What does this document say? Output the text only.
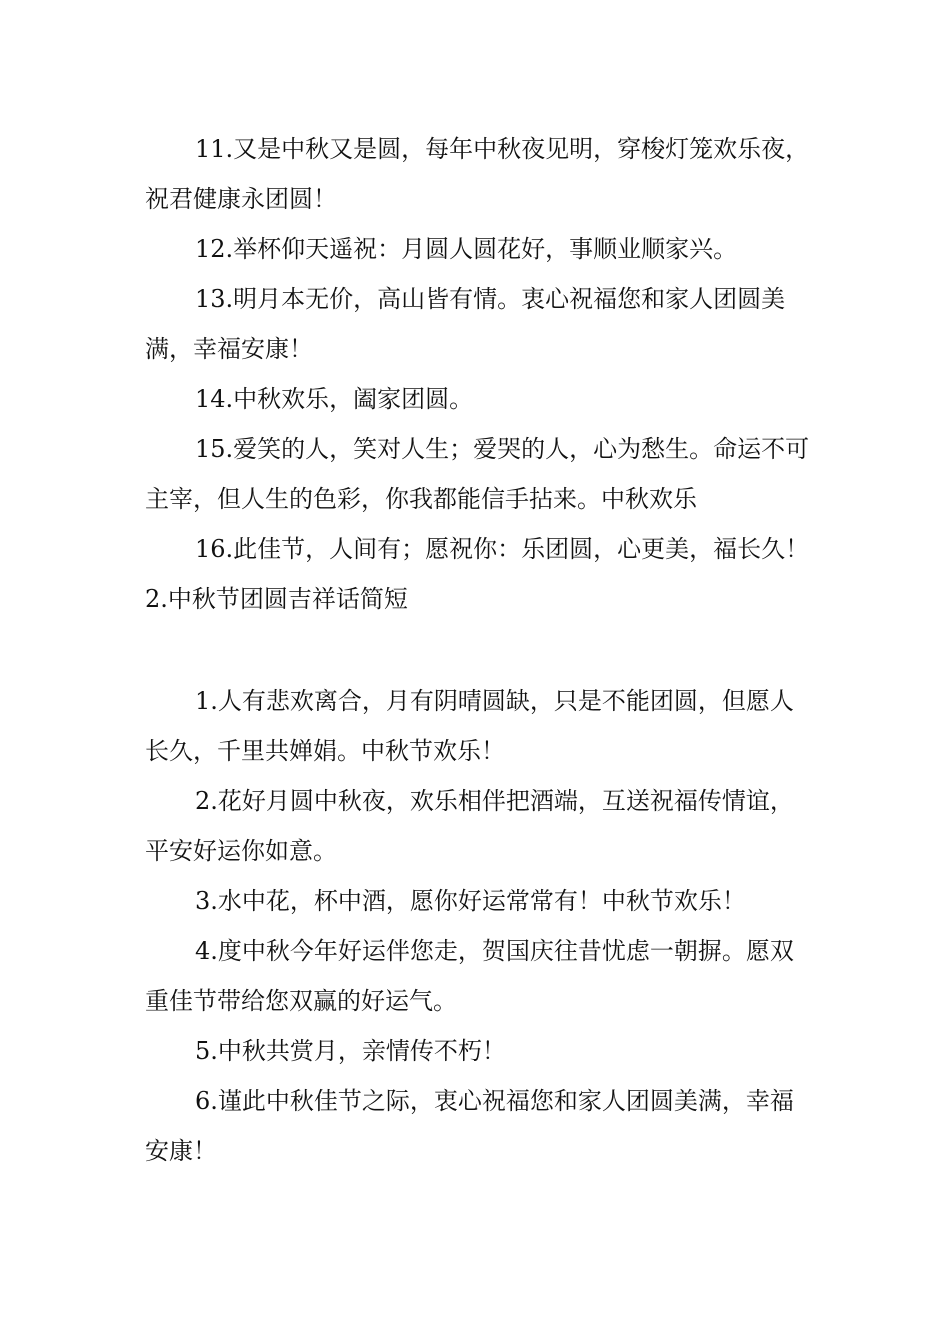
11.又是中秋又是圆，每年中秋夜见明，穿梭灯笼欢乐夜，祝君健康永团圆！

12.举杯仰天遥祝：月圆人圆花好，事顺业顺家兴。

13.明月本无价，高山皆有情。衷心祝福您和家人团圆美满，幸福安康！

14.中秋欢乐，阖家团圆。

15.爱笑的人，笑对人生；爱哭的人，心为愁生。命运不可主宰，但人生的色彩，你我都能信手拈来。中秋欢乐

16.此佳节，人间有；愿祝你：乐团圆，心更美，福长久！

2.中秋节团圆吉祥话简短

1.人有悲欢离合，月有阴晴圆缺，只是不能团圆，但愿人长久，千里共婵娟。中秋节欢乐！

2.花好月圆中秋夜，欢乐相伴把酒端，互送祝福传情谊，平安好运你如意。

3.水中花，杯中酒，愿你好运常常有！中秋节欢乐！

4.度中秋今年好运伴您走，贺国庆往昔忧虑一朝摒。愿双重佳节带给您双赢的好运气。

5.中秋共赏月，亲情传不朽！

6.谨此中秋佳节之际，衷心祝福您和家人团圆美满，幸福安康！
